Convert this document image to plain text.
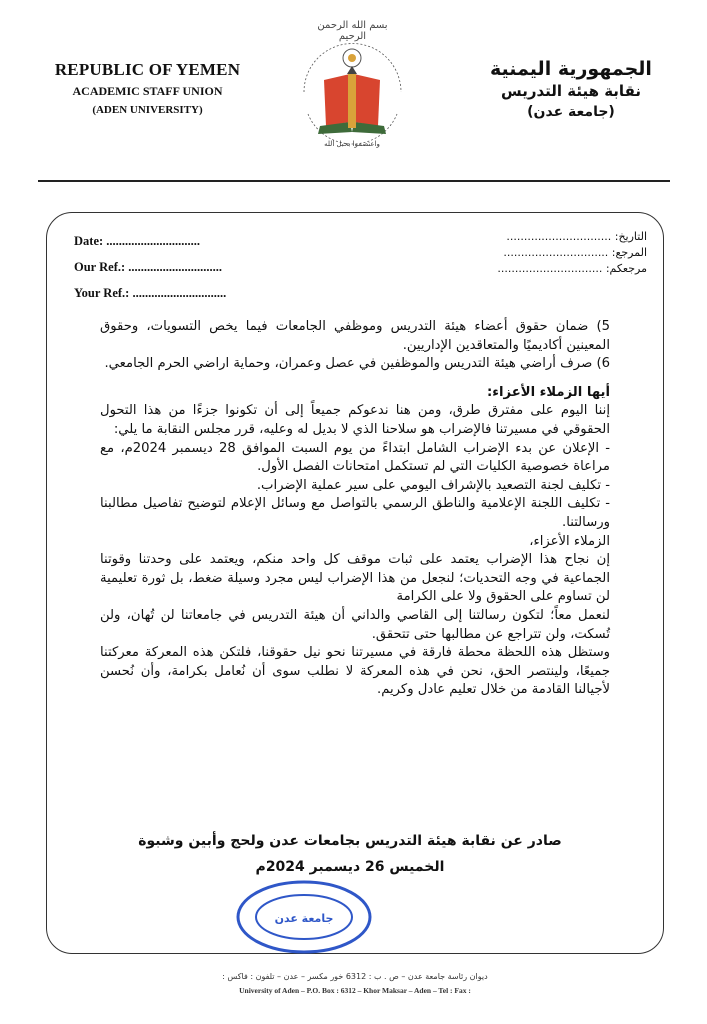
REPUBLIC OF YEMEN
ACADEMIC STAFF UNION
(ADEN UNIVERSITY)
الجمهورية اليمنية
نقابة هيئة التدريس
(جامعة عدن)
بسم الله الرحمن الرحيم
واعتصموا بحبل الله
Date: ..............................
Our Ref.: ..............................
Your Ref.: ..............................
التاريخ: ..............................
المرجع: ..............................
مرجعكم: ..............................

5) ضمان حقوق أعضاء هيئة التدريس وموظفي الجامعات فيما يخص التسويات، وحقوق المعينين أكاديميًا والمتعاقدين الإداريين.

6) صرف أراضي هيئة التدريس والموظفين في عصل وعمران، وحماية اراضي الحرم الجامعي.

أيها الزملاء الأعزاء:

إننا اليوم على مفترق طرق، ومن هنا ندعوكم جميعاً إلى أن تكونوا جزءًا من هذا التحول الحقوقي في مسيرتنا فالإضراب هو سلاحنا الذي لا بديل له وعليه، قرر مجلس النقابة ما يلي:

- الإعلان عن بدء الإضراب الشامل ابتداءً من يوم السبت الموافق 28 ديسمبر 2024م، مع مراعاة خصوصية الكليات التي لم تستكمل امتحانات الفصل الأول.

- تكليف لجنة التصعيد بالإشراف اليومي على سير عملية الإضراب.

- تكليف اللجنة الإعلامية والناطق الرسمي بالتواصل مع وسائل الإعلام لتوضيح تفاصيل مطالبنا ورسالتنا.

الزملاء الأعزاء،

إن نجاح هذا الإضراب يعتمد على ثبات موقف كل واحد منكم، ويعتمد على وحدتنا وقوتنا الجماعية في وجه التحديات؛ لنجعل من هذا الإضراب ليس مجرد وسيلة ضغط، بل ثورة تعليمية لن تساوم على الحقوق ولا على الكرامة

لنعمل معاً؛ لتكون رسالتنا إلى القاصي والداني أن هيئة التدريس في جامعاتنا لن تُهان، ولن تُسكت، ولن تتراجع عن مطالبها حتى تتحقق.

وستظل هذه اللحظة محطة فارقة في مسيرتنا نحو نيل حقوقنا، فلتكن هذه المعركة معركتنا جميعًا، ولينتصر الحق، نحن في هذه المعركة لا نطلب سوى أن نُعامل بكرامة، وأن نُحسن لأجيالنا القادمة من خلال تعليم عادل وكريم.

صادر عن نقابة هيئة التدريس بجامعات عدن ولحج وأبين وشبوة
الخميس 26 ديسمبر 2024م
جامعة عدن
ديوان رئاسة جامعة عدن – ص . ب : 6312 خور مكسر – عدن – تلفون : فاكس :
University of Aden – P.O. Box : 6312 – Khor Maksar – Aden – Tel : Fax :
